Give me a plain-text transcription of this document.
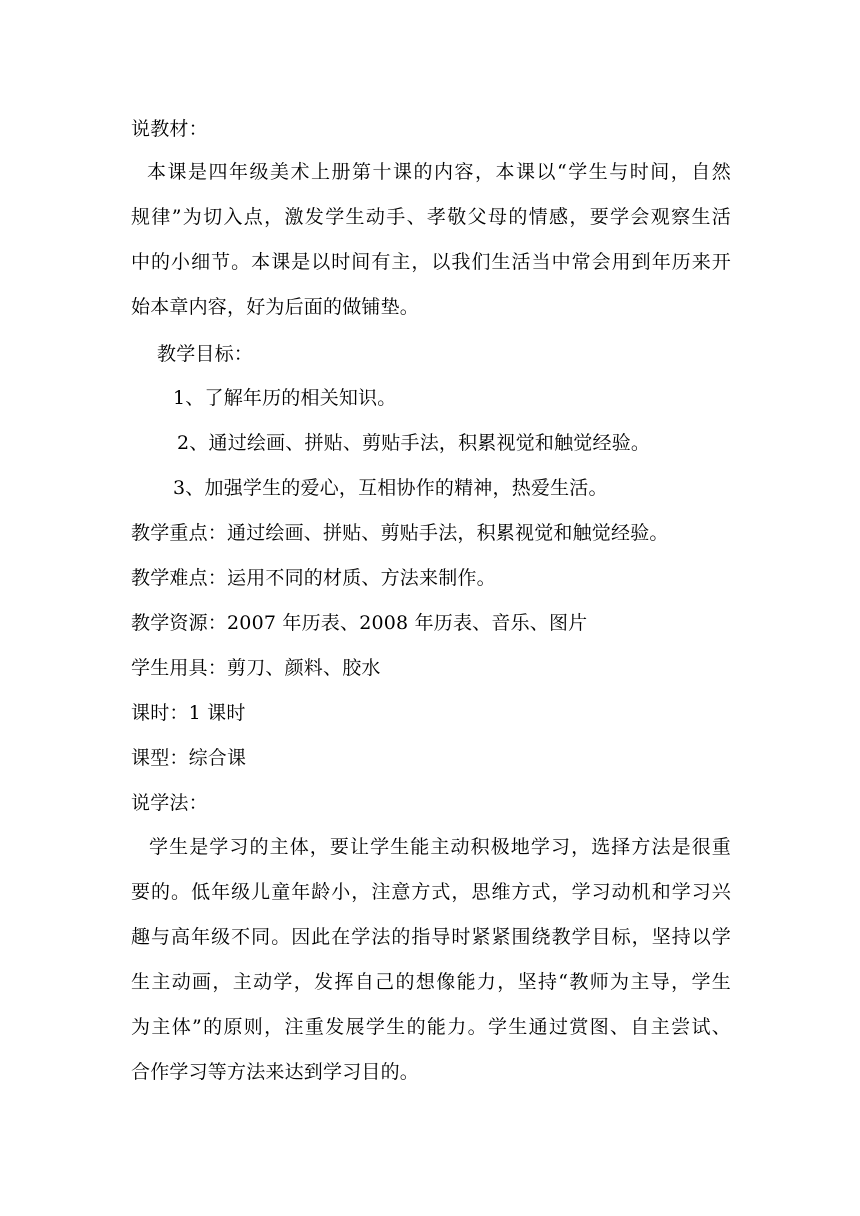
说教材：
本课是四年级美术上册第十课的内容，本课以“学生与时间，自然
规律”为切入点，激发学生动手、孝敬父母的情感，要学会观察生活
中的小细节。本课是以时间有主，以我们生活当中常会用到年历来开
始本章内容，好为后面的做铺垫。
教学目标：
1、了解年历的相关知识。
2、通过绘画、拼贴、剪贴手法，积累视觉和触觉经验。
3、加强学生的爱心，互相协作的精神，热爱生活。
教学重点：通过绘画、拼贴、剪贴手法，积累视觉和触觉经验。
教学难点：运用不同的材质、方法来制作。
教学资源：2007 年历表、2008 年历表、音乐、图片
学生用具：剪刀、颜料、胶水
课时：1 课时
课型：综合课
说学法：
学生是学习的主体，要让学生能主动积极地学习，选择方法是很重
要的。低年级儿童年龄小，注意方式，思维方式，学习动机和学习兴
趣与高年级不同。因此在学法的指导时紧紧围绕教学目标，坚持以学
生主动画，主动学，发挥自己的想像能力，坚持“教师为主导，学生
为主体”的原则，注重发展学生的能力。学生通过赏图、自主尝试、
合作学习等方法来达到学习目的。
